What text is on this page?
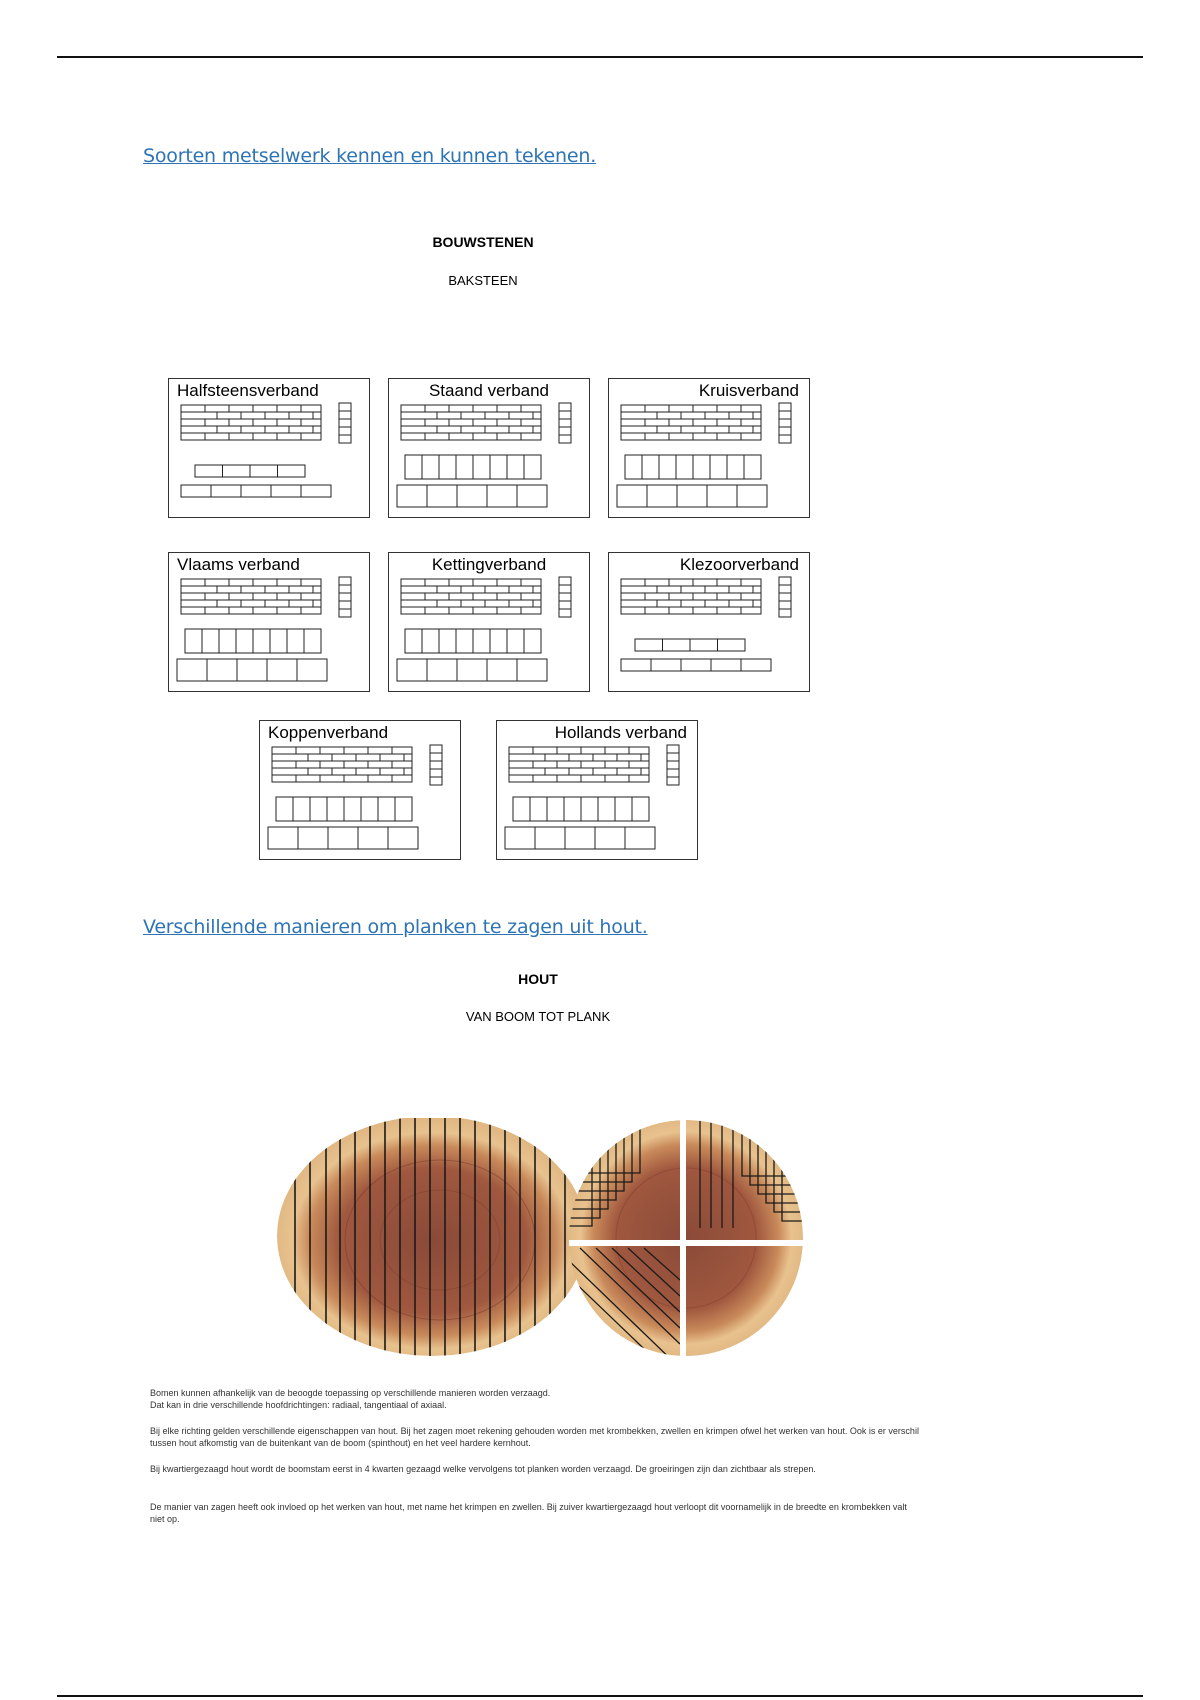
Soorten metselwerk kennen en kunnen tekenen.
BOUWSTENEN
BAKSTEEN
Halfsteensverband	Staand verband	Kruisverband
Vlaams verband	Kettingverband	Klezoorverband
Koppenverband	Hollands verband
Verschillende manieren om planken te zagen uit hout.
HOUT
VAN BOOM TOT PLANK
Bomen kunnen afhankelijk van de beoogde toepassing op verschillende manieren worden verzaagd.
Dat kan in drie verschillende hoofdrichtingen: radiaal, tangentiaal of axiaal.
Bij elke richting gelden verschillende eigenschappen van hout. Bij het zagen moet rekening gehouden worden met krombekken, zwellen en krimpen ofwel het werken van hout. Ook is er verschil tussen hout afkomstig van de buitenkant van de boom (spinthout) en het veel hardere kernhout.
Bij kwartiergezaagd hout wordt de boomstam eerst in 4 kwarten gezaagd welke vervolgens tot planken worden verzaagd. De groeiringen zijn dan zichtbaar als strepen.
De manier van zagen heeft ook invloed op het werken van hout, met name het krimpen en zwellen. Bij zuiver kwartiergezaagd hout verloopt dit voornamelijk in de breedte en krombekken valt niet op.
